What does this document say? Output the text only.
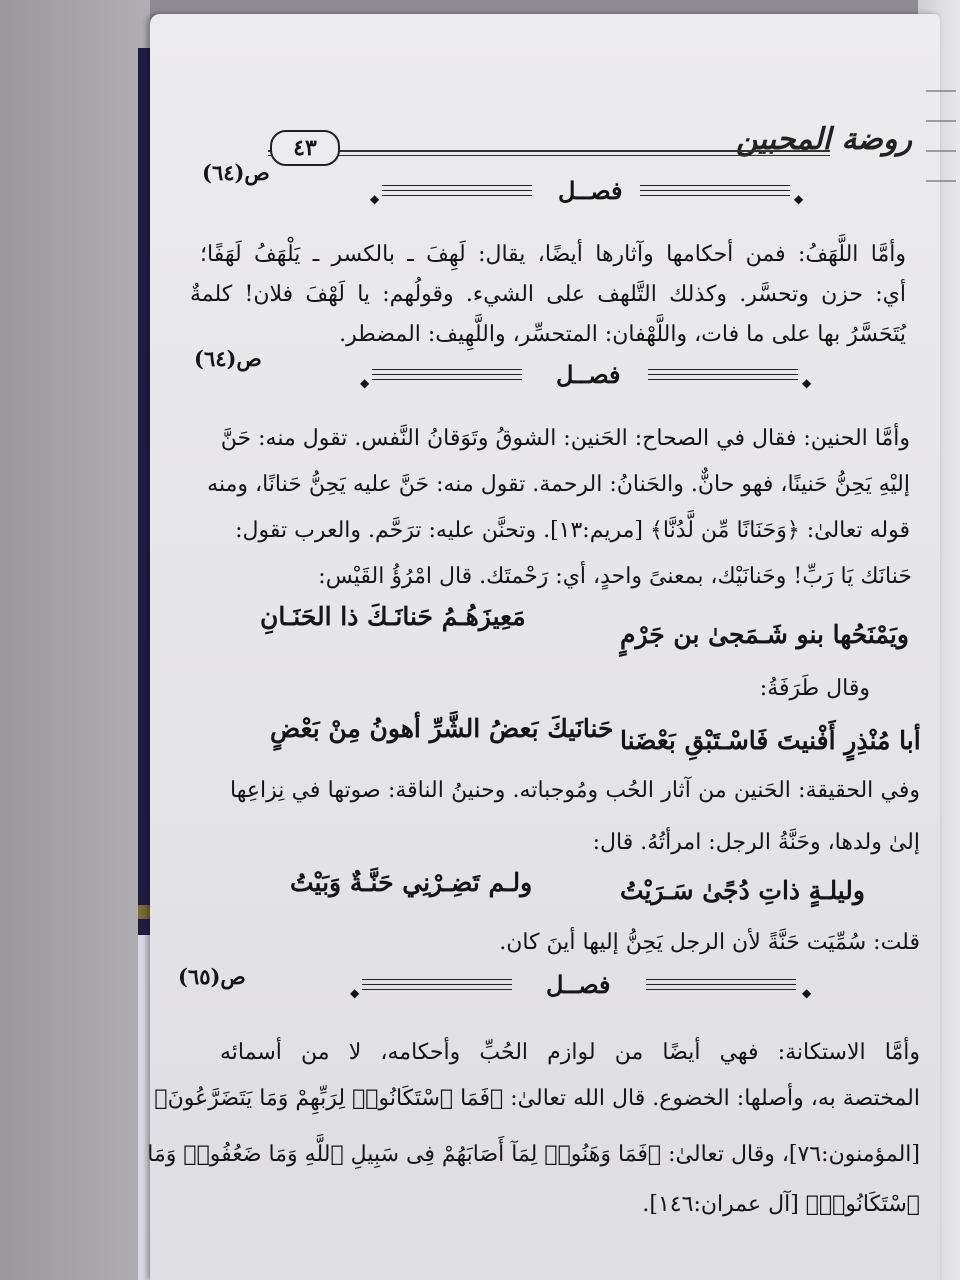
روضة المحبين
٤٣
ص(٦٤)
◆	فصــل	◆
وأمَّا اللَّهَفُ: فمن أحكامها وآثارها أيضًا، يقال: لَهِفَ ـ بالكسر ـ يَلْهَفُ لَهَفًا؛
أي: حزن وتحسَّر. وكذلك التَّلهف على الشيء. وقولُهم: يا لَهْفَ فلان! كلمةٌ
يُتَحَسَّرُ بها على ما فات، واللَّهْفان: المتحسِّر، واللَّهِيف: المضطر.
ص(٦٤)
◆	فصــل	◆
وأمَّا الحنين: فقال في الصحاح: الحَنين: الشوقُ وتَوَقانُ النَّفس. تقول منه: حَنَّ
إليْهِ يَحِنُّ حَنينًا، فهو حانٌّ. والحَنانُ: الرحمة. تقول منه: حَنَّ عليه يَحِنُّ حَنانًا، ومنه
قوله تعالىٰ: ﴿وَحَنَانًا مِّن لَّدُنَّا﴾ [مريم:١٣]. وتحنَّن عليه: ترَحَّم. والعرب تقول:
حَنانَك يَا رَبِّ! وحَنانَيْك، بمعنىً واحدٍ، أي: رَحْمتَك. قال امْرُؤُ القَيْس:
مَعِيزَهُـمُ حَنانَـكَ ذا الحَنَـانِ
ويَمْنَحُها بنو شَـمَجىٰ بن جَرْمٍ
وقال طَرَفَةُ:
حَنانَيكَ بَعضُ الشَّرِّ أهونُ مِنْ بَعْضٍ أبا مُنْذِرٍ أَفْنيتَ فَاسْـتَبْقِ بَعْضَنا
وفي الحقيقة: الحَنين من آثار الحُب ومُوجباته. وحنينُ الناقة: صوتها في نِزاعِها
إلىٰ ولدها، وحَنَّةُ الرجل: امرأتُهُ. قال:
ولـم تَضِـرْنِي حَنَّـةٌ وَبَيْتُ	وليلـةٍ ذاتِ دُجًىٰ سَـرَيْتُ
قلت: سُمِّيَت حَنَّةً لأن الرجل يَحِنُّ إليها أينَ كان.
ص(٦٥)
◆	فصــل	◆
وأمَّا الاستكانة: فهي أيضًا من لوازم الحُبِّ وأحكامه، لا من أسمائه
المختصة به، وأصلها: الخضوع. قال الله تعالىٰ: ﴿فَمَا ٱسْتَكَانُوا۟ لِرَبِّهِمْ وَمَا يَتَضَرَّعُونَ﴾
[المؤمنون:٧٦]، وقال تعالىٰ: ﴿فَمَا وَهَنُوا۟ لِمَآ أَصَابَهُمْ فِى سَبِيلِ ٱللَّهِ وَمَا ضَعُفُوا۟ وَمَا
ٱسْتَكَانُوا۟﴾ [آل عمران:١٤٦].
